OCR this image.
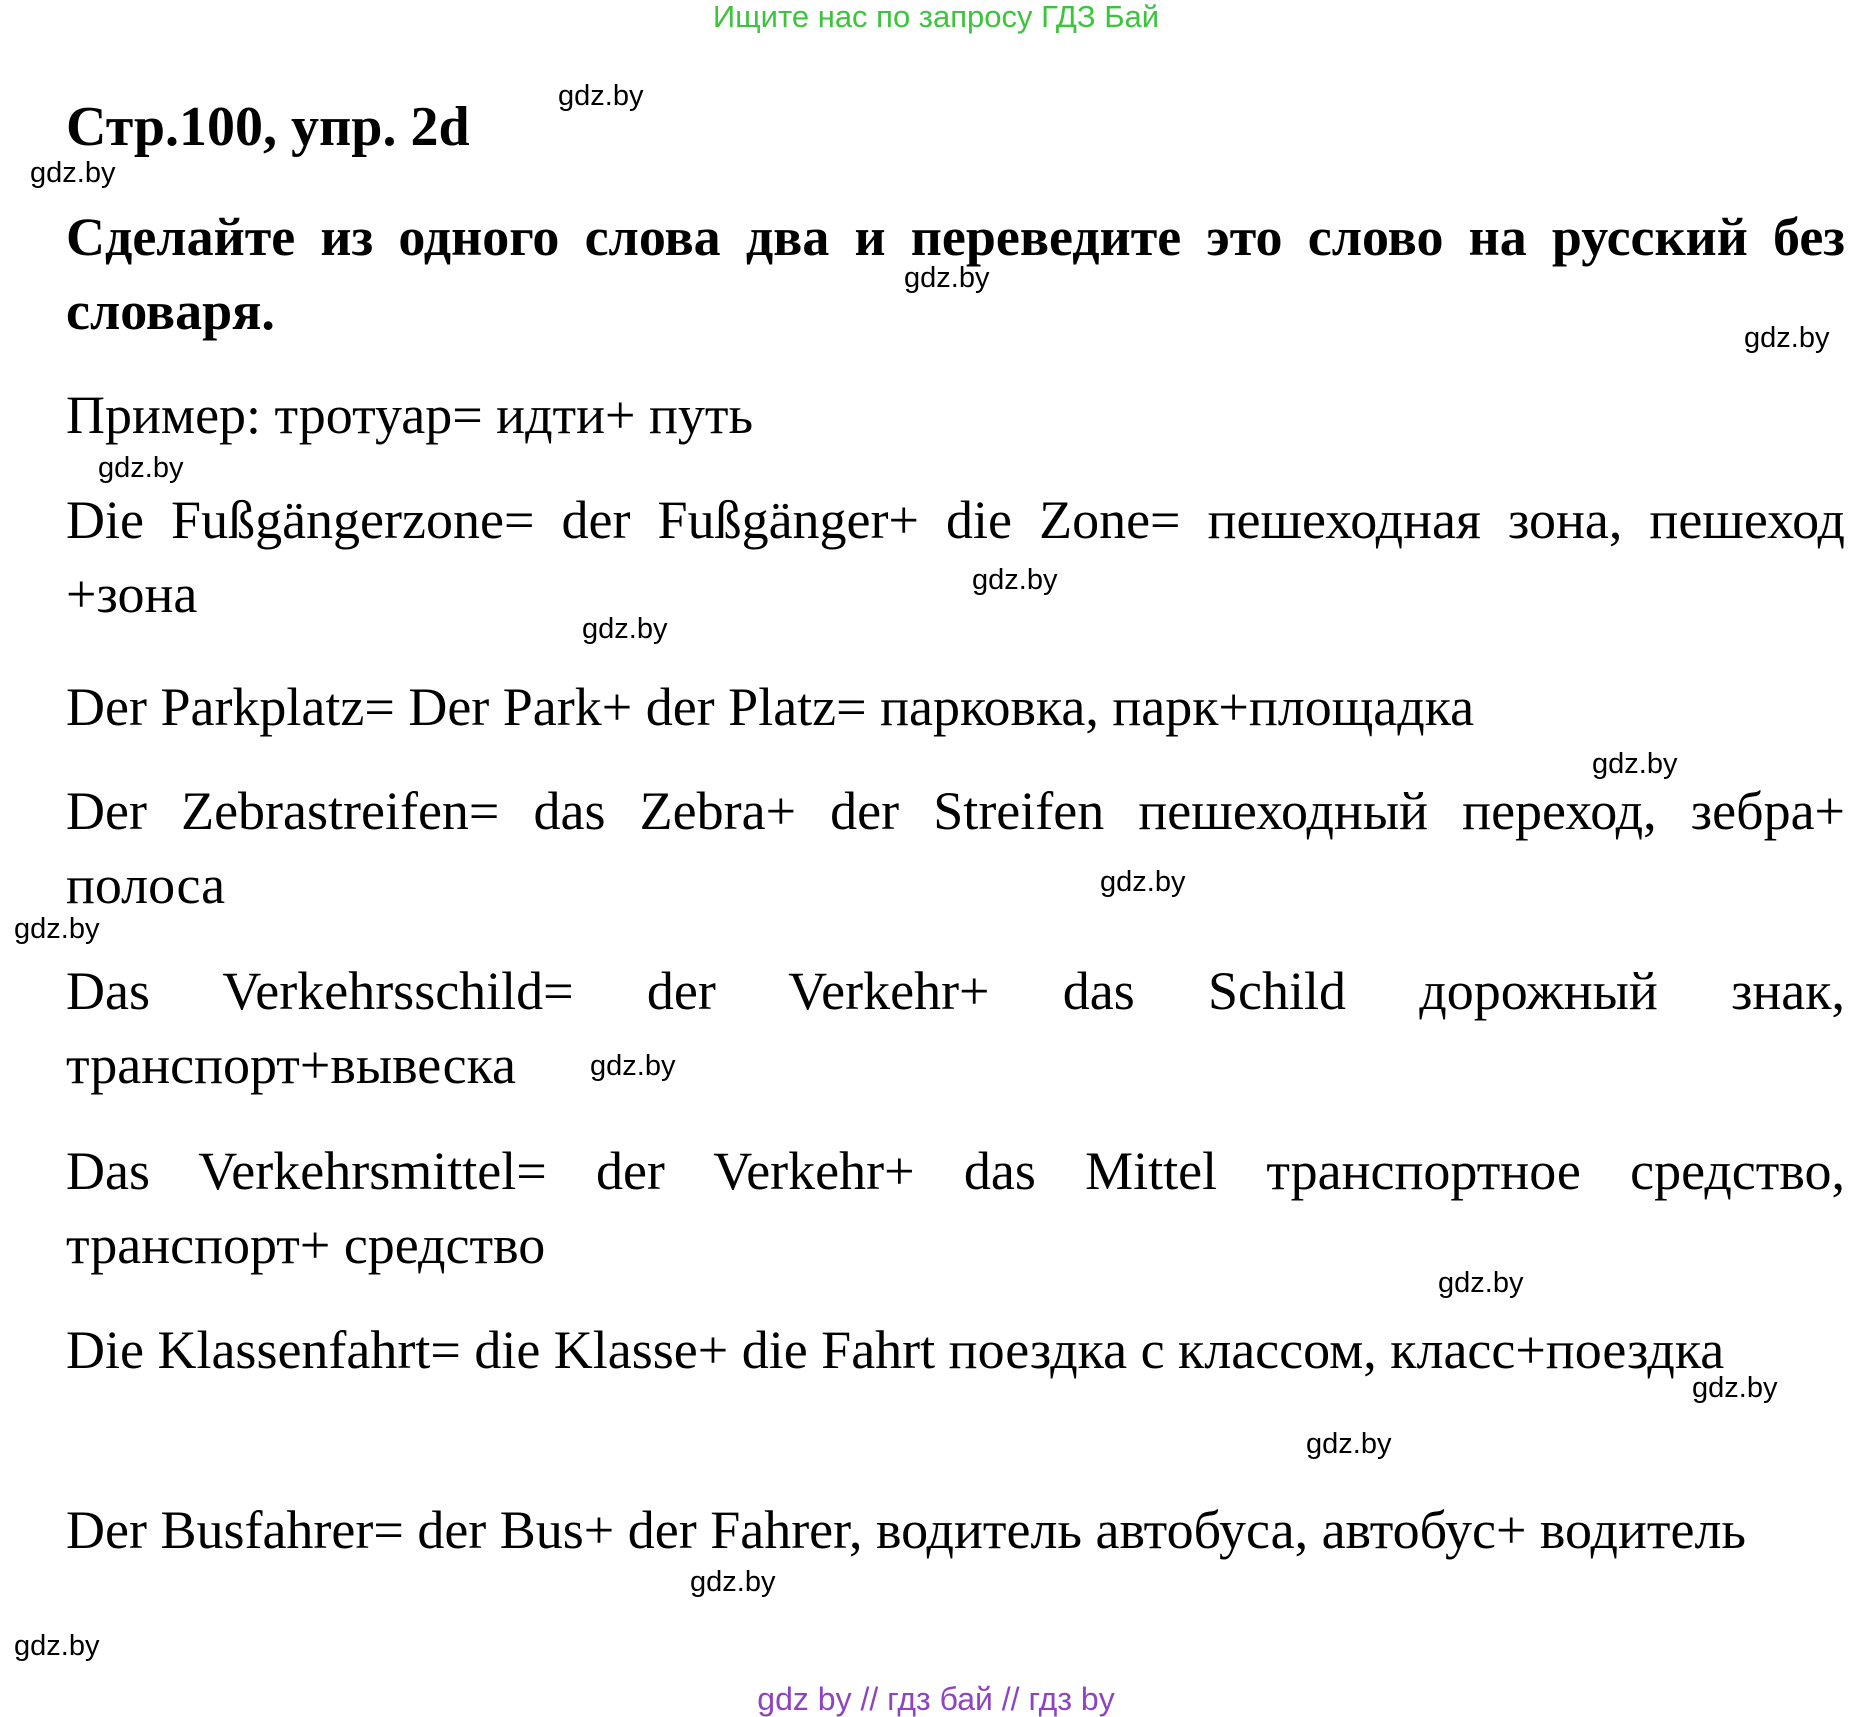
Ищите нас по запросу ГДЗ Бай
Стр.100, упр. 2d

Сделайте из одного слова два и переведите это слово на русский без словаря.

Пример: тротуар= идти+ путь

Die Fußgängerzone= der Fußgänger+ die Zone= пешеходная зона, пешеход +зона

Der Parkplatz= Der Park+ der Platz= парковка, парк+площадка

Der Zebrastreifen= das Zebra+ der Streifen пешеходный переход, зебра+ полоса

Das Verkehrsschild= der Verkehr+ das Schild дорожный знак, транспорт+вывеска

Das Verkehrsmittel= der Verkehr+ das Mittel транспортное средство, транспорт+ средство

Die Klassenfahrt= die Klasse+ die Fahrt поездка с классом, класс+поездка

Der Busfahrer= der Bus+ der Fahrer, водитель автобуса, автобус+ водитель

gdz.by
gdz.by
gdz.by
gdz.by
gdz.by
gdz.by
gdz.by
gdz.by
gdz.by
gdz.by
gdz.by
gdz.by
gdz.by
gdz.by
gdz.by
gdz.by
gdz by // гдз бай // гдз by
